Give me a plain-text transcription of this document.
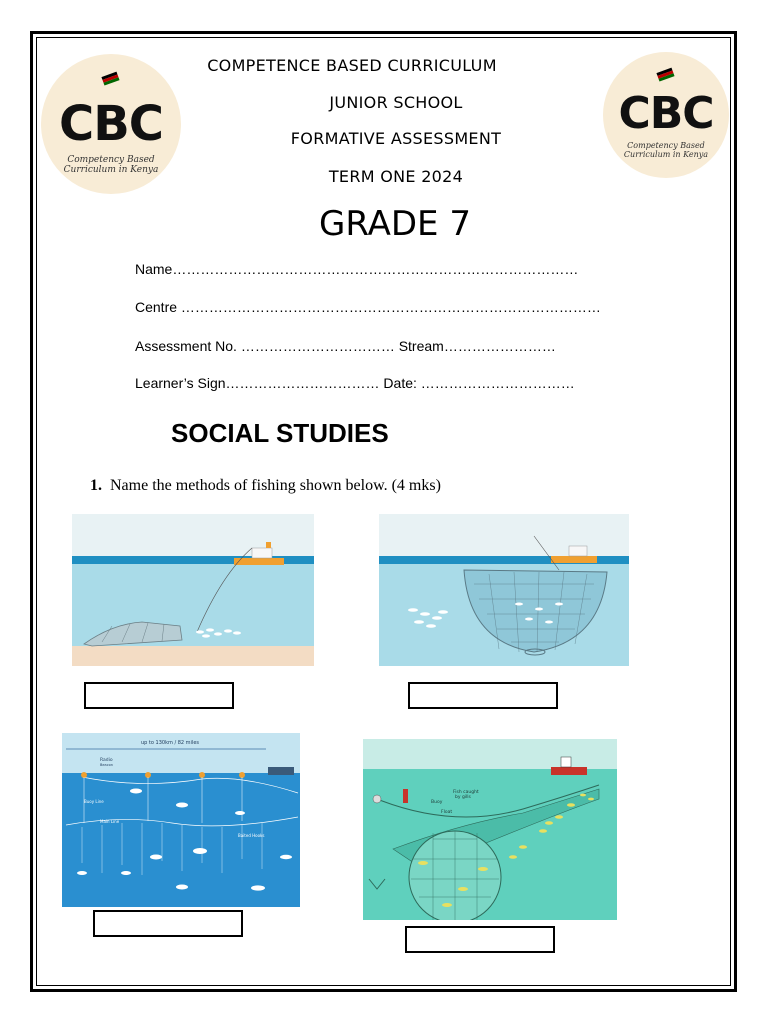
CBC
Competency Based
Curriculum in Kenya
CBC
Competency Based
Curriculum in Kenya
COMPETENCE BASED CURRICULUM
JUNIOR SCHOOL
FORMATIVE ASSESSMENT
TERM ONE 2024
GRADE 7
Name……………………………………………………………………………
Centre ………………………………………………………………………………
Assessment No. …………………………… Stream……………………
Learner’s Sign…………………………… Date: ……………………………
SOCIAL STUDIES
1. Name the methods of fishing shown below. (4 mks)
up to 130km / 82 miles
Radio
Beacon
Buoy Line
Main Line
Baited Hooks
Fish caught
by gills
Buoy
Float
